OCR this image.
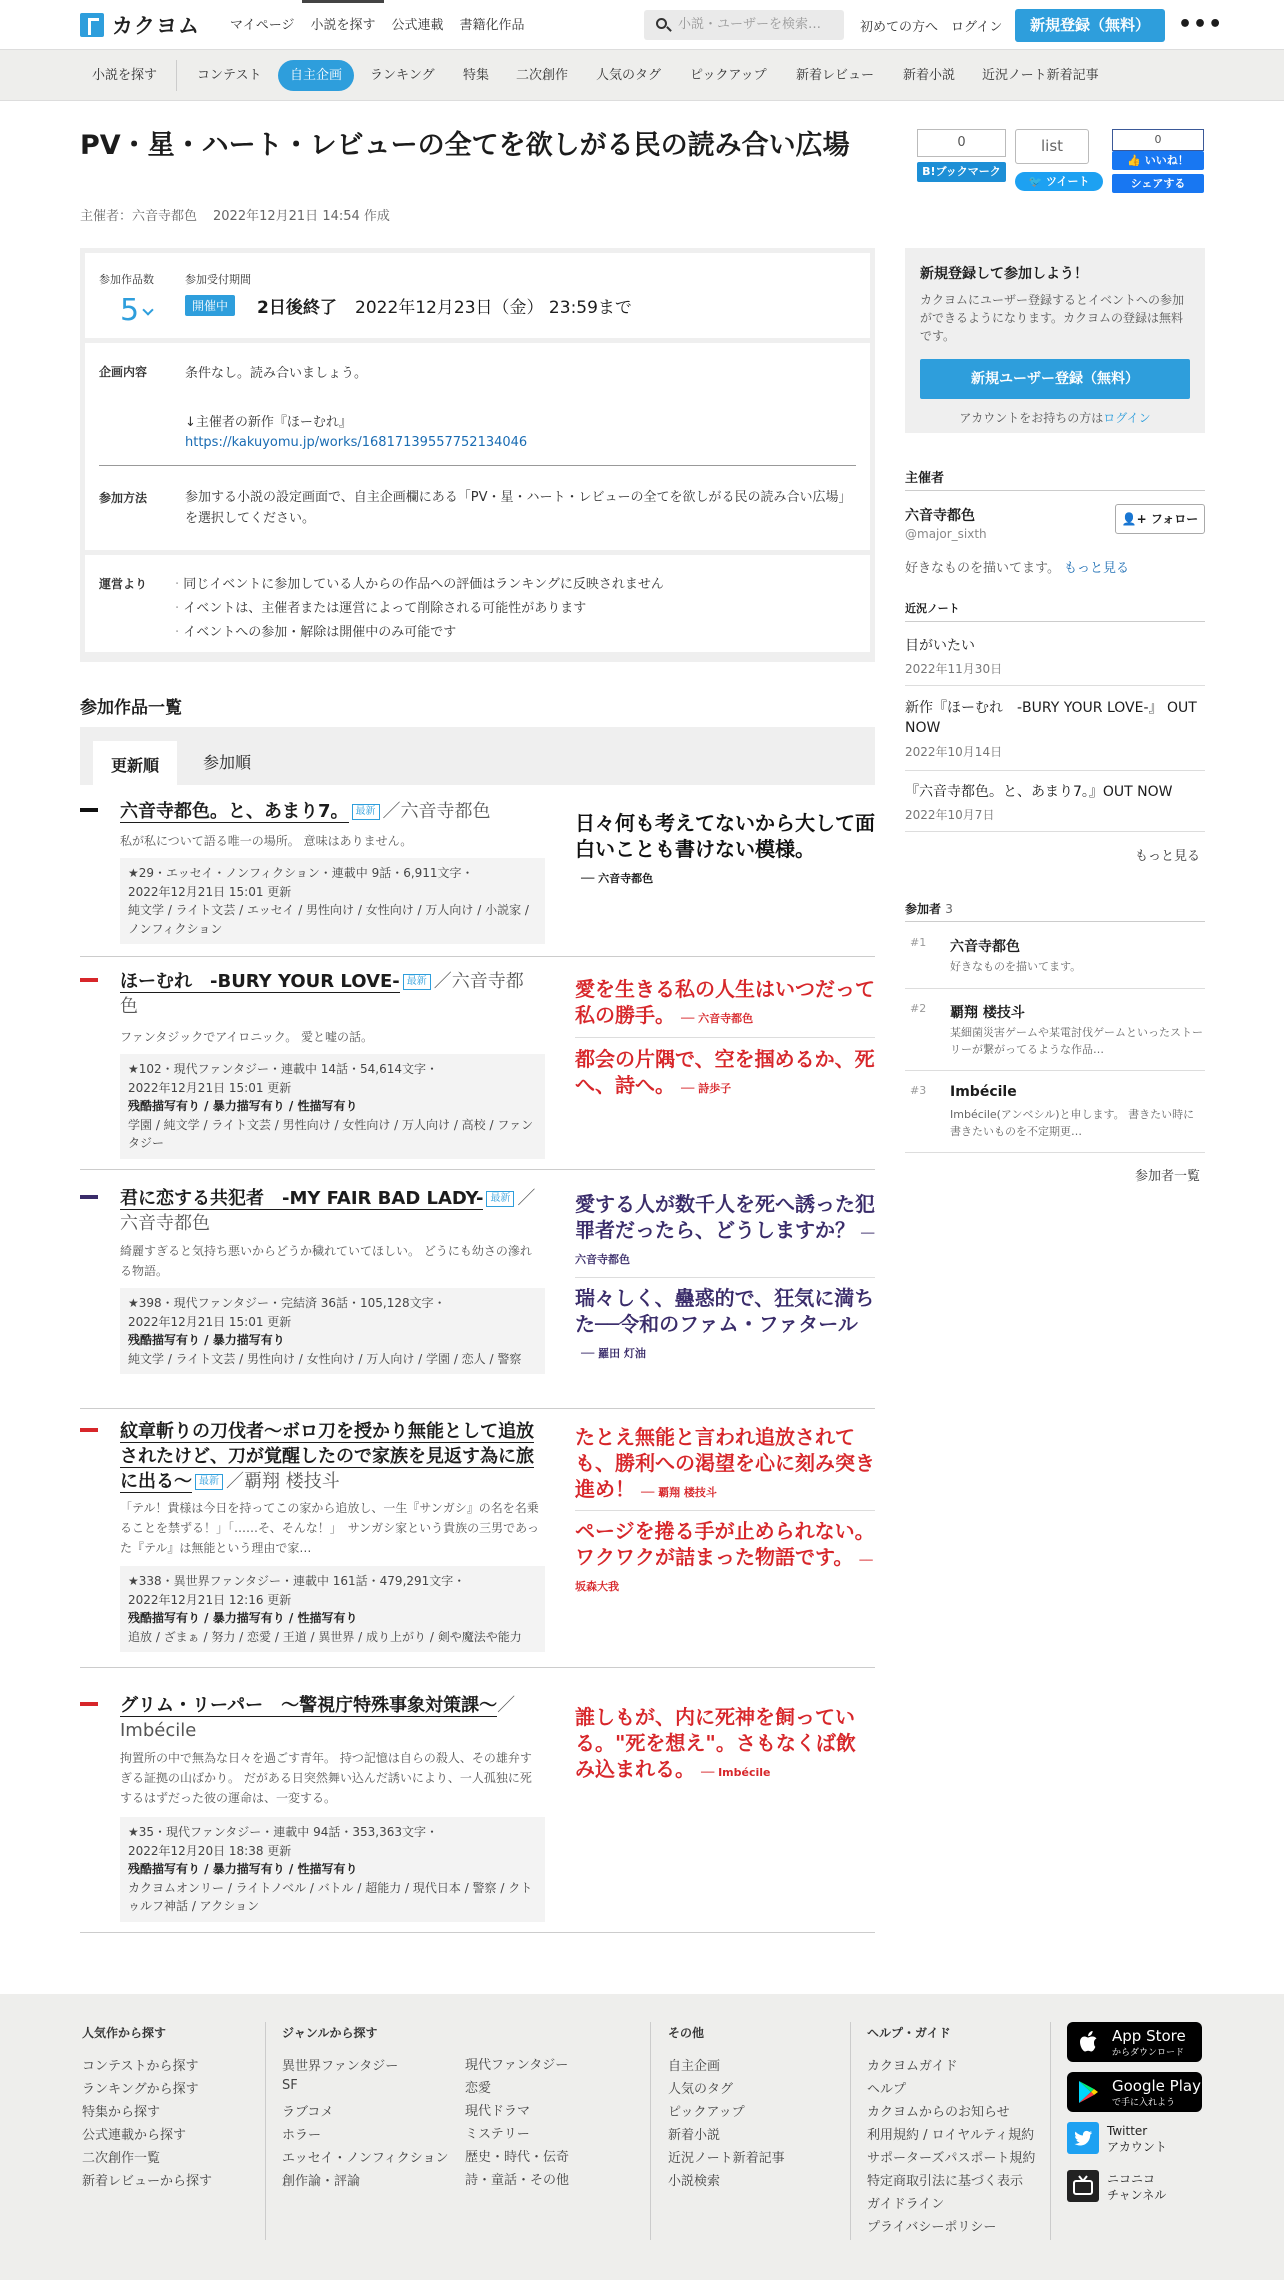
カクヨム	マイページ	小説を探す	公式連載	書籍化作品	小説・ユーザーを検索…	初めての方へ ログイン	新規登録（無料）	•••
小説を探す	コンテスト	自主企画	ランキング	特集	二次創作	人気のタグ	ピックアップ	新着レビュー	新着小説	近況ノート新着記事
PV・星・ハート・レビューの全てを欲しがる民の読み合い広場
主催者：六音寺都色 2022年12月21日 14:54 作成
0
B!ブックマーク
list
🐦 ツイート
0
👍 いいね！
シェアする
参加作品数
5
参加受付期間
開催中	2日後終了 2022年12月23日（金） 23:59まで
企画内容	条件なし。読み合いましょう。
↓主催者の新作『ほーむれ』
https://kakuyomu.jp/works/16817139557752134046
参加方法	参加する小説の設定画面で、自主企画欄にある「PV・星・ハート・レビューの全てを欲しがる民の読み合い広場」を選択してください。
運営より · 同じイベントに参加している人からの作品への評価はランキングに反映されません
· イベントは、主催者または運営によって削除される可能性があります
· イベントへの参加・解除は開催中のみ可能です
参加作品一覧
更新順	参加順
六音寺都色。と、あまり7。 最新 ／六音寺都色
私が私について語る唯一の場所。 意味はありません。
★29・エッセイ・ノンフィクション・連載中 9話・6,911文字・
2022年12月21日 15:01 更新
純文学 / ライト文芸 / エッセイ / 男性向け / 女性向け / 万人向け / 小説家 / ノンフィクション
日々何も考えてないから大して面白いことも書けない模様。
── 六音寺都色
ほーむれ　-BURY YOUR LOVE- 最新 ／六音寺都色
ファンタジックでアイロニック。 愛と嘘の話。
★102・現代ファンタジー・連載中 14話・54,614文字・
2022年12月21日 15:01 更新
残酷描写有り / 暴力描写有り / 性描写有り
学園 / 純文学 / ライト文芸 / 男性向け / 女性向け / 万人向け / 高校 / ファンタジー
愛を生きる私の人生はいつだって私の勝手。 ── 六音寺都色
都会の片隅で、空を掴めるか、死へ、詩へ。 ── 詩歩子
君に恋する共犯者　-MY FAIR BAD LADY- 最新 ／六音寺都色
綺麗すぎると気持ち悪いからどうか穢れていてほしい。 どうにも幼さの滲れる物語。
★398・現代ファンタジー・完結済 36話・105,128文字・
2022年12月21日 15:01 更新
残酷描写有り / 暴力描写有り
純文学 / ライト文芸 / 男性向け / 女性向け / 万人向け / 学園 / 恋人 / 警察
愛する人が数千人を死へ誘った犯罪者だったら、どうしますか？ ── 六音寺都色
瑞々しく、蠱惑的で、狂気に満ちた──令和のファム・ファタール── 羅田 灯油
紋章斬りの刀伐者〜ボロ刀を授かり無能として追放されたけど、刀が覚醒したので家族を見返す為に旅に出る〜 最新 ／覇翔 楼技斗
「テル！貴様は今日を持ってこの家から追放し、一生『サンガシ』の名を名乗ることを禁ずる！」「……そ、そんな！」　サンガシ家という貴族の三男であった『テル』は無能という理由で家…
★338・異世界ファンタジー・連載中 161話・479,291文字・
2022年12月21日 12:16 更新
残酷描写有り / 暴力描写有り / 性描写有り
追放 / ざまぁ / 努力 / 恋愛 / 王道 / 異世界 / 成り上がり / 剣や魔法や能力
たとえ無能と言われ追放されても、勝利への渇望を心に刻み突き進め！ ── 覇翔 楼技斗
ページを捲る手が止められない。ワクワクが詰まった物語です。 ── 坂森大我
グリム・リーパー　～警視庁特殊事象対策課～／Imbécile
拘置所の中で無為な日々を過ごす青年。 持つ記憶は自らの殺人、その雄弁すぎる証拠の山ばかり。 だがある日突然舞い込んだ誘いにより、一人孤独に死するはずだった彼の運命は、一変する。
★35・現代ファンタジー・連載中 94話・353,363文字・
2022年12月20日 18:38 更新
残酷描写有り / 暴力描写有り / 性描写有り
カクヨムオンリー / ライトノベル / バトル / 超能力 / 現代日本 / 警察 / クトゥルフ神話 / アクション
誰しもが、内に死神を飼っている。"死を想え"。さもなくば飲み込まれる。 ── Imbécile
新規登録して参加しよう！

カクヨムにユーザー登録するとイベントへの参加ができるようになります。カクヨムの登録は無料です。

新規ユーザー登録（無料）
アカウントをお持ちの方はログイン
主催者
六音寺都色
@major_sixth
👤+ フォロー
好きなものを描いてます。 もっと見る
近況ノート
目がいたい
2022年11月30日
新作『ほーむれ　-BURY YOUR LOVE-』 OUT NOW
2022年10月14日
『六音寺都色。と、あまり7。』OUT NOW
2022年10月7日
もっと見る
参加者 3
#1 六音寺都色
好きなものを描いてます。
#2 覇翔 楼技斗
某細菌災害ゲームや某電討伐ゲームといったストーリーが繋がってるような作品…
#3 Imbécile
Imbécile(アンベシル)と申します。 書きたい時に書きたいものを不定期更…
参加者一覧
人気作から探す
コンテストから探す
ランキングから探す
特集から探す
公式連載から探す
二次創作一覧
新着レビューから探す
ジャンルから探す
異世界ファンタジー
SF
ラブコメ
ホラー
エッセイ・ノンフィクション
創作論・評論
現代ファンタジー
恋愛
現代ドラマ
ミステリー
歴史・時代・伝奇
詩・童話・その他
その他
自主企画
人気のタグ
ピックアップ
新着小説
近況ノート新着記事
小説検索
ヘルプ・ガイド
カクヨムガイド
ヘルプ
カクヨムからのお知らせ
利用規約 / ロイヤルティ規約
サポーターズパスポート規約
特定商取引法に基づく表示
ガイドライン
プライバシーポリシー
App Store
からダウンロード
Google Play
で手に入れよう
Twitter
アカウント
ニコニコ
チャンネル
